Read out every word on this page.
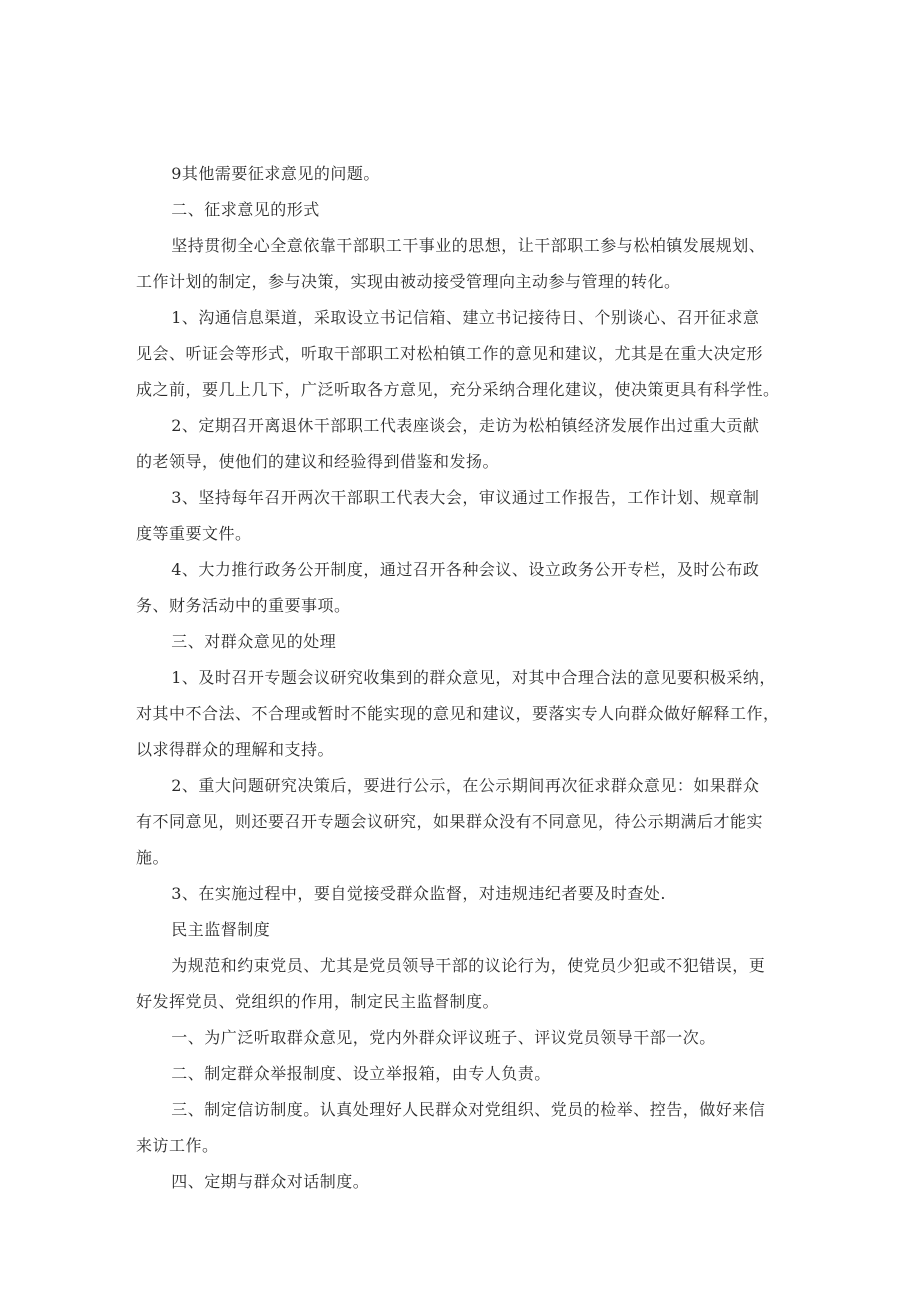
9其他需要征求意见的问题。

二、征求意见的形式

坚持贯彻全心全意依靠干部职工干事业的思想，让干部职工参与松柏镇发展规划、
工作计划的制定，参与决策，实现由被动接受管理向主动参与管理的转化。

1、沟通信息渠道，采取设立书记信箱、建立书记接待日、个别谈心、召开征求意
见会、听证会等形式，听取干部职工对松柏镇工作的意见和建议，尤其是在重大决定形
成之前，要几上几下，广泛听取各方意见，充分采纳合理化建议，使决策更具有科学性。

2、定期召开离退休干部职工代表座谈会，走访为松柏镇经济发展作出过重大贡献
的老领导，使他们的建议和经验得到借鉴和发扬。

3、坚持每年召开两次干部职工代表大会，审议通过工作报告，工作计划、规章制
度等重要文件。

4、大力推行政务公开制度，通过召开各种会议、设立政务公开专栏，及时公布政
务、财务活动中的重要事项。

三、对群众意见的处理

1、及时召开专题会议研究收集到的群众意见，对其中合理合法的意见要积极采纳，
对其中不合法、不合理或暂时不能实现的意见和建议，要落实专人向群众做好解释工作，
以求得群众的理解和支持。

2、重大问题研究决策后，要进行公示，在公示期间再次征求群众意见：如果群众
有不同意见，则还要召开专题会议研究，如果群众没有不同意见，待公示期满后才能实
施。

3、在实施过程中，要自觉接受群众监督，对违规违纪者要及时查处.

民主监督制度

为规范和约束党员、尤其是党员领导干部的议论行为，使党员少犯或不犯错误，更
好发挥党员、党组织的作用，制定民主监督制度。

一、为广泛听取群众意见，党内外群众评议班子、评议党员领导干部一次。

二、制定群众举报制度、设立举报箱，由专人负责。

三、制定信访制度。认真处理好人民群众对党组织、党员的检举、控告，做好来信
来访工作。

四、定期与群众对话制度。
